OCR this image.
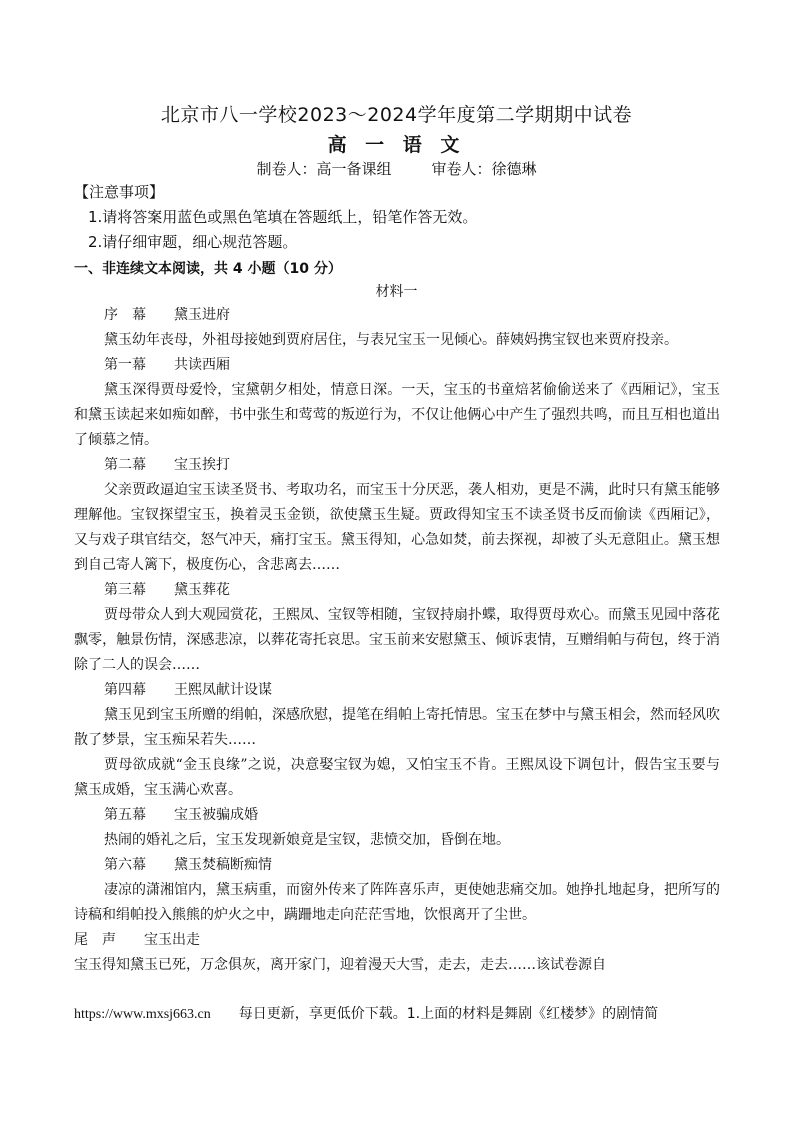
北京市八一学校2023～2024学年度第二学期期中试卷
高 一 语 文
制卷人：高一备课组	审卷人：徐德琳
【注意事项】
1.请将答案用蓝色或黑色笔填在答题纸上，铅笔作答无效。
2.请仔细审题，细心规范答题。
一、非连续文本阅读，共 4 小题（10 分）
材料一

序　幕　　黛玉进府

黛玉幼年丧母，外祖母接她到贾府居住，与表兄宝玉一见倾心。薛姨妈携宝钗也来贾府投亲。

第一幕　　共读西厢

黛玉深得贾母爱怜，宝黛朝夕相处，情意日深。一天，宝玉的书童焙茗偷偷送来了《西厢记》，宝玉和黛玉读起来如痴如醉，书中张生和莺莺的叛逆行为，不仅让他俩心中产生了强烈共鸣，而且互相也道出了倾慕之情。

第二幕　　宝玉挨打

父亲贾政逼迫宝玉读圣贤书、考取功名，而宝玉十分厌恶，袭人相劝，更是不满，此时只有黛玉能够理解他。宝钗探望宝玉，换着灵玉金锁，欲使黛玉生疑。贾政得知宝玉不读圣贤书反而偷读《西厢记》，又与戏子琪官结交，怒气冲天，痛打宝玉。黛玉得知，心急如焚，前去探视，却被了头无意阻止。黛玉想到自己寄人篱下，极度伤心，含悲离去……

第三幕　　黛玉葬花

贾母带众人到大观园赏花，王熙凤、宝钗等相随，宝钗持扇扑蝶，取得贾母欢心。而黛玉见园中落花飘零，触景伤情，深感悲凉，以葬花寄托哀思。宝玉前来安慰黛玉、倾诉衷情，互赠绢帕与荷包，终于消除了二人的误会……

第四幕　　王熙凤献计设谋

黛玉见到宝玉所赠的绢帕，深感欣慰，提笔在绢帕上寄托情思。宝玉在梦中与黛玉相会，然而轻风吹散了梦景，宝玉痴呆若失……

贾母欲成就“金玉良缘”之说，决意娶宝钗为媳，又怕宝玉不肯。王熙凤设下调包计，假告宝玉要与黛玉成婚，宝玉满心欢喜。

第五幕　　宝玉被骗成婚

热闹的婚礼之后，宝玉发现新娘竟是宝钗，悲愤交加，昏倒在地。

第六幕　　黛玉焚稿断痴情

凄凉的潇湘馆内，黛玉病重，而窗外传来了阵阵喜乐声，更使她悲痛交加。她挣扎地起身，把所写的诗稿和绢帕投入熊熊的炉火之中，蹒跚地走向茫茫雪地，饮恨离开了尘世。

尾　声　　宝玉出走

宝玉得知黛玉已死，万念俱灰，离开家门，迎着漫天大雪，走去，走去……该试卷源自

https://www.mxsj663.cn 每日更新，享更低价下载。1.上面的材料是舞剧《红楼梦》的剧情简
